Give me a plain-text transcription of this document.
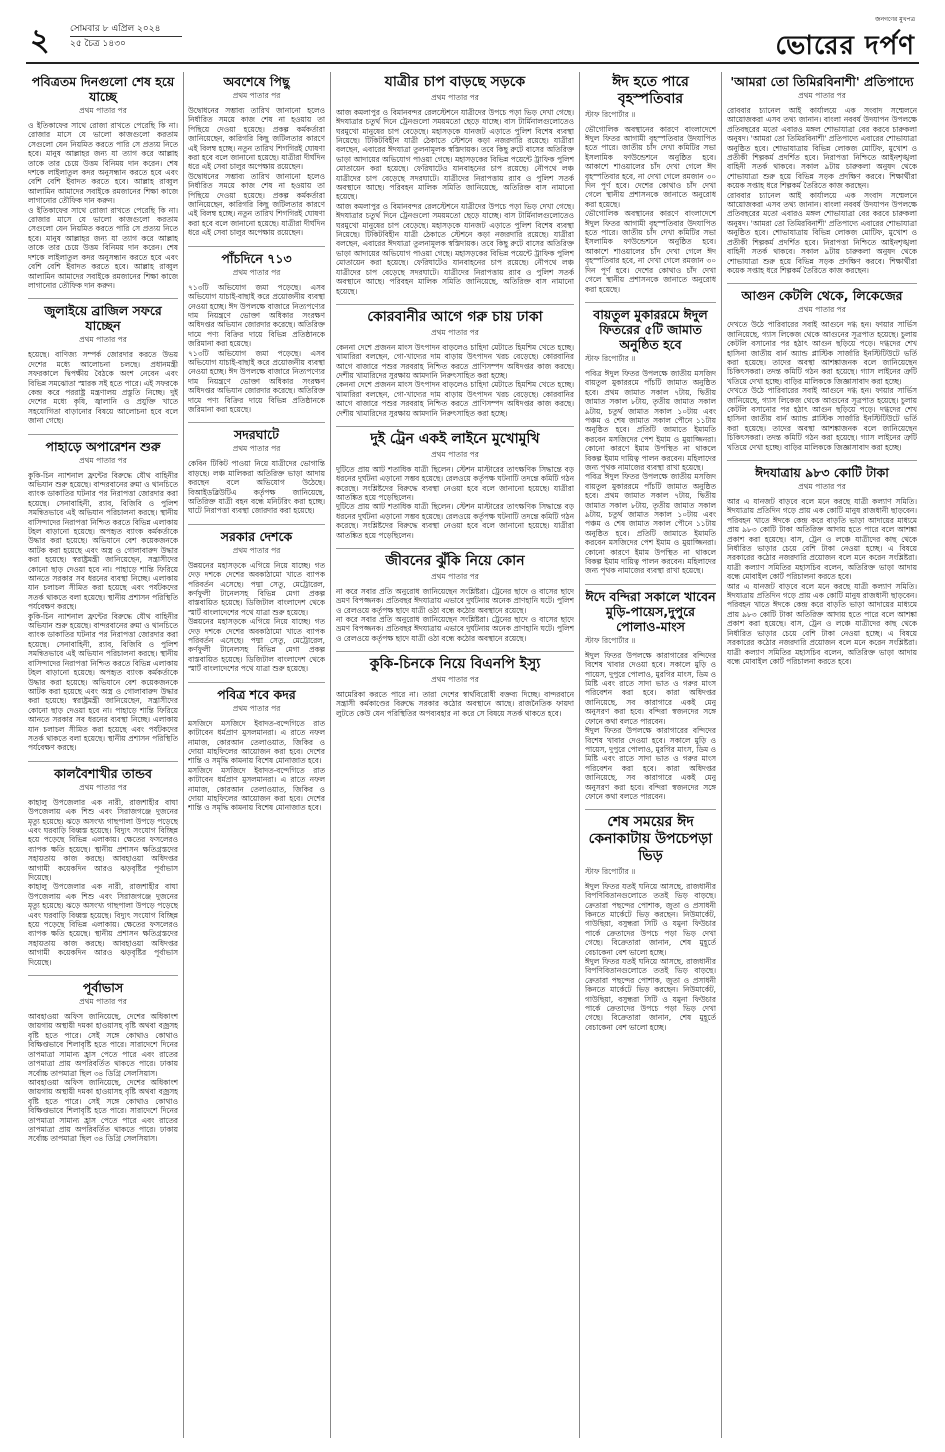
২ সোমবার ৮ এপ্রিল ২০২৪
২৫ চৈত্র ১৪৩০
জনগণের মুখপত্র
ভোরের দর্পণ
পবিত্রতম দিনগুলো শেষ হয়ে যাচ্ছে
প্রথম পাতার পর
ও ইতিকাফের সাথে রোজা রাখতে পেরেছি কি না। রোজার মাসে যে ভালো কাজগুলো করতাম সেগুলো যেন নিয়মিত করতে পারি সে প্রত্যয় নিতে হবে। মানুষ আল্লাহর জন্য যা ত্যাগ করে আল্লাহ তাকে তার চেয়ে উত্তম বিনিময় দান করেন। শেষ দশকে লাইলাতুল কদর অনুসন্ধান করতে হবে এবং বেশি বেশি ইবাদত করতে হবে। আল্লাহ রাব্বুল আলামিন আমাদের সবাইকে রমজানের শিক্ষা কাজে লাগানোর তৌফিক দান করুন।
ও ইতিকাফের সাথে রোজা রাখতে পেরেছি কি না। রোজার মাসে যে ভালো কাজগুলো করতাম সেগুলো যেন নিয়মিত করতে পারি সে প্রত্যয় নিতে হবে। মানুষ আল্লাহর জন্য যা ত্যাগ করে আল্লাহ তাকে তার চেয়ে উত্তম বিনিময় দান করেন। শেষ দশকে লাইলাতুল কদর অনুসন্ধান করতে হবে এবং বেশি বেশি ইবাদত করতে হবে। আল্লাহ রাব্বুল আলামিন আমাদের সবাইকে রমজানের শিক্ষা কাজে লাগানোর তৌফিক দান করুন।
জুলাইয়ে ব্রাজিল সফরে যাচ্ছেন
প্রথম পাতার পর
হয়েছে। বাণিজ্য সম্পর্ক জোরদার করতে উভয় দেশের মধ্যে আলোচনা চলছে। প্রধানমন্ত্রী সফরকালে দ্বিপক্ষীয় বৈঠকে অংশ নেবেন এবং বিভিন্ন সমঝোতা স্মারক সই হতে পারে। এই সফরকে কেন্দ্র করে পররাষ্ট্র মন্ত্রণালয় প্রস্তুতি নিচ্ছে। দুই দেশের মধ্যে কৃষি, জ্বালানি ও প্রযুক্তি খাতে সহযোগিতা বাড়ানোর বিষয়ে আলোচনা হবে বলে জানা গেছে।
পাহাড়ে অপারেশন শুরু
প্রথম পাতার পর
কুকি-চিন ন্যাশনাল ফ্রন্টের বিরুদ্ধে যৌথ বাহিনীর অভিযান শুরু হয়েছে। বান্দরবানের রুমা ও থানচিতে ব্যাংক ডাকাতির ঘটনার পর নিরাপত্তা জোরদার করা হয়েছে। সেনাবাহিনী, র‍্যাব, বিজিবি ও পুলিশ সমন্বিতভাবে এই অভিযান পরিচালনা করছে। স্থানীয় বাসিন্দাদের নিরাপত্তা নিশ্চিত করতে বিভিন্ন এলাকায় টহল বাড়ানো হয়েছে। অপহৃত ব্যাংক কর্মকর্তাকে উদ্ধার করা হয়েছে। অভিযানে বেশ কয়েকজনকে আটক করা হয়েছে এবং অস্ত্র ও গোলাবারুদ উদ্ধার করা হয়েছে। স্বরাষ্ট্রমন্ত্রী জানিয়েছেন, সন্ত্রাসীদের কোনো ছাড় দেওয়া হবে না। পাহাড়ে শান্তি ফিরিয়ে আনতে সরকার সব ধরনের ব্যবস্থা নিচ্ছে। এলাকায় যান চলাচল সীমিত করা হয়েছে এবং পর্যটকদের সতর্ক থাকতে বলা হয়েছে। স্থানীয় প্রশাসন পরিস্থিতি পর্যবেক্ষণ করছে।
কুকি-চিন ন্যাশনাল ফ্রন্টের বিরুদ্ধে যৌথ বাহিনীর অভিযান শুরু হয়েছে। বান্দরবানের রুমা ও থানচিতে ব্যাংক ডাকাতির ঘটনার পর নিরাপত্তা জোরদার করা হয়েছে। সেনাবাহিনী, র‍্যাব, বিজিবি ও পুলিশ সমন্বিতভাবে এই অভিযান পরিচালনা করছে। স্থানীয় বাসিন্দাদের নিরাপত্তা নিশ্চিত করতে বিভিন্ন এলাকায় টহল বাড়ানো হয়েছে। অপহৃত ব্যাংক কর্মকর্তাকে উদ্ধার করা হয়েছে। অভিযানে বেশ কয়েকজনকে আটক করা হয়েছে এবং অস্ত্র ও গোলাবারুদ উদ্ধার করা হয়েছে। স্বরাষ্ট্রমন্ত্রী জানিয়েছেন, সন্ত্রাসীদের কোনো ছাড় দেওয়া হবে না। পাহাড়ে শান্তি ফিরিয়ে আনতে সরকার সব ধরনের ব্যবস্থা নিচ্ছে। এলাকায় যান চলাচল সীমিত করা হয়েছে এবং পর্যটকদের সতর্ক থাকতে বলা হয়েছে। স্থানীয় প্রশাসন পরিস্থিতি পর্যবেক্ষণ করছে।
কালবৈশাখীর তান্ডব
প্রথম পাতার পর
কাহালু উপজেলার এক নারী, রাজশাহীর বাঘা উপজেলায় এক শিশু এবং সিরাজগঞ্জে দুজনের মৃত্যু হয়েছে। ঝড়ে অসংখ্য গাছপালা উপড়ে পড়েছে এবং ঘরবাড়ি বিধ্বস্ত হয়েছে। বিদ্যুৎ সংযোগ বিচ্ছিন্ন হয়ে পড়েছে বিভিন্ন এলাকায়। ক্ষেতের ফসলেরও ব্যাপক ক্ষতি হয়েছে। স্থানীয় প্রশাসন ক্ষতিগ্রস্তদের সহায়তায় কাজ করছে। আবহাওয়া অধিদপ্তর আগামী কয়েকদিন আরও ঝড়বৃষ্টির পূর্বাভাস দিয়েছে।
কাহালু উপজেলার এক নারী, রাজশাহীর বাঘা উপজেলায় এক শিশু এবং সিরাজগঞ্জে দুজনের মৃত্যু হয়েছে। ঝড়ে অসংখ্য গাছপালা উপড়ে পড়েছে এবং ঘরবাড়ি বিধ্বস্ত হয়েছে। বিদ্যুৎ সংযোগ বিচ্ছিন্ন হয়ে পড়েছে বিভিন্ন এলাকায়। ক্ষেতের ফসলেরও ব্যাপক ক্ষতি হয়েছে। স্থানীয় প্রশাসন ক্ষতিগ্রস্তদের সহায়তায় কাজ করছে। আবহাওয়া অধিদপ্তর আগামী কয়েকদিন আরও ঝড়বৃষ্টির পূর্বাভাস দিয়েছে।
পূর্বাভাস
প্রথম পাতার পর
আবহাওয়া অফিস জানিয়েছে, দেশের অধিকাংশ জায়গায় অস্থায়ী দমকা হাওয়াসহ বৃষ্টি অথবা বজ্রসহ বৃষ্টি হতে পারে। সেই সঙ্গে কোথাও কোথাও বিক্ষিপ্তভাবে শিলাবৃষ্টি হতে পারে। সারাদেশে দিনের তাপমাত্রা সামান্য হ্রাস পেতে পারে এবং রাতের তাপমাত্রা প্রায় অপরিবর্তিত থাকতে পারে। ঢাকায় সর্বোচ্চ তাপমাত্রা ছিল ৩৪ ডিগ্রি সেলসিয়াস।
আবহাওয়া অফিস জানিয়েছে, দেশের অধিকাংশ জায়গায় অস্থায়ী দমকা হাওয়াসহ বৃষ্টি অথবা বজ্রসহ বৃষ্টি হতে পারে। সেই সঙ্গে কোথাও কোথাও বিক্ষিপ্তভাবে শিলাবৃষ্টি হতে পারে। সারাদেশে দিনের তাপমাত্রা সামান্য হ্রাস পেতে পারে এবং রাতের তাপমাত্রা প্রায় অপরিবর্তিত থাকতে পারে। ঢাকায় সর্বোচ্চ তাপমাত্রা ছিল ৩৪ ডিগ্রি সেলসিয়াস।
অবশেষে পিছু
প্রথম পাতার পর
উদ্বোধনের সম্ভাব্য তারিখ জানানো হলেও নির্ধারিত সময়ে কাজ শেষ না হওয়ায় তা পিছিয়ে দেওয়া হয়েছে। প্রকল্প কর্মকর্তারা জানিয়েছেন, কারিগরি কিছু জটিলতার কারণে এই বিলম্ব হচ্ছে। নতুন তারিখ শিগগিরই ঘোষণা করা হবে বলে জানানো হয়েছে। যাত্রীরা দীর্ঘদিন ধরে এই সেবা চালুর অপেক্ষায় রয়েছেন।
উদ্বোধনের সম্ভাব্য তারিখ জানানো হলেও নির্ধারিত সময়ে কাজ শেষ না হওয়ায় তা পিছিয়ে দেওয়া হয়েছে। প্রকল্প কর্মকর্তারা জানিয়েছেন, কারিগরি কিছু জটিলতার কারণে এই বিলম্ব হচ্ছে। নতুন তারিখ শিগগিরই ঘোষণা করা হবে বলে জানানো হয়েছে। যাত্রীরা দীর্ঘদিন ধরে এই সেবা চালুর অপেক্ষায় রয়েছেন।
পাঁচদিনে ৭১৩
প্রথম পাতার পর
৭১৩টি অভিযোগ জমা পড়েছে। এসব অভিযোগ যাচাই-বাছাই করে প্রয়োজনীয় ব্যবস্থা নেওয়া হচ্ছে। ঈদ উপলক্ষে বাজারে নিত্যপণ্যের দাম নিয়ন্ত্রণে ভোক্তা অধিকার সংরক্ষণ অধিদপ্তর অভিযান জোরদার করেছে। অতিরিক্ত দামে পণ্য বিক্রির দায়ে বিভিন্ন প্রতিষ্ঠানকে জরিমানা করা হয়েছে।
৭১৩টি অভিযোগ জমা পড়েছে। এসব অভিযোগ যাচাই-বাছাই করে প্রয়োজনীয় ব্যবস্থা নেওয়া হচ্ছে। ঈদ উপলক্ষে বাজারে নিত্যপণ্যের দাম নিয়ন্ত্রণে ভোক্তা অধিকার সংরক্ষণ অধিদপ্তর অভিযান জোরদার করেছে। অতিরিক্ত দামে পণ্য বিক্রির দায়ে বিভিন্ন প্রতিষ্ঠানকে জরিমানা করা হয়েছে।
সদরঘাটে
প্রথম পাতার পর
কেবিন টিকিট পাওয়া নিয়ে যাত্রীদের ভোগান্তি বাড়ছে। লঞ্চ মালিকরা অতিরিক্ত ভাড়া আদায় করছেন বলে অভিযোগ উঠেছে। বিআইডব্লিউটিএ কর্তৃপক্ষ জানিয়েছে, অতিরিক্ত যাত্রী বহন বন্ধে মনিটরিং করা হচ্ছে। ঘাটে নিরাপত্তা ব্যবস্থা জোরদার করা হয়েছে।
সরকার দেশকে
প্রথম পাতার পর
উন্নয়নের মহাসড়কে এগিয়ে নিয়ে যাচ্ছে। গত দেড় দশকে দেশের অবকাঠামো খাতে ব্যাপক পরিবর্তন এসেছে। পদ্মা সেতু, মেট্রোরেল, কর্ণফুলী টানেলসহ বিভিন্ন মেগা প্রকল্প বাস্তবায়িত হয়েছে। ডিজিটাল বাংলাদেশ থেকে স্মার্ট বাংলাদেশের পথে যাত্রা শুরু হয়েছে।
উন্নয়নের মহাসড়কে এগিয়ে নিয়ে যাচ্ছে। গত দেড় দশকে দেশের অবকাঠামো খাতে ব্যাপক পরিবর্তন এসেছে। পদ্মা সেতু, মেট্রোরেল, কর্ণফুলী টানেলসহ বিভিন্ন মেগা প্রকল্প বাস্তবায়িত হয়েছে। ডিজিটাল বাংলাদেশ থেকে স্মার্ট বাংলাদেশের পথে যাত্রা শুরু হয়েছে।
পবিত্র শবে কদর
প্রথম পাতার পর
মসজিদে মসজিদে ইবাদত-বন্দেগিতে রাত কাটাবেন ধর্মপ্রাণ মুসলমানরা। এ রাতে নফল নামাজ, কোরআন তেলাওয়াত, জিকির ও দোয়া মাহফিলের আয়োজন করা হবে। দেশের শান্তি ও সমৃদ্ধি কামনায় বিশেষ মোনাজাত হবে।
মসজিদে মসজিদে ইবাদত-বন্দেগিতে রাত কাটাবেন ধর্মপ্রাণ মুসলমানরা। এ রাতে নফল নামাজ, কোরআন তেলাওয়াত, জিকির ও দোয়া মাহফিলের আয়োজন করা হবে। দেশের শান্তি ও সমৃদ্ধি কামনায় বিশেষ মোনাজাত হবে।
যাত্রীর চাপ বাড়ছে সড়কে
প্রথম পাতার পর
আজ কমলাপুর ও বিমানবন্দর রেলস্টেশনে যাত্রীদের উপচে পড়া ভিড় দেখা গেছে। ঈদযাত্রার চতুর্থ দিনে ট্রেনগুলো সময়মতো ছেড়ে যাচ্ছে। বাস টার্মিনালগুলোতেও ঘরমুখো মানুষের চাপ বেড়েছে। মহাসড়কে যানজট এড়াতে পুলিশ বিশেষ ব্যবস্থা নিয়েছে। টিকিটবিহীন যাত্রী ঠেকাতে স্টেশনে কড়া নজরদারি রয়েছে। যাত্রীরা বলছেন, এবারের ঈদযাত্রা তুলনামূলক স্বস্তিদায়ক। তবে কিছু রুটে বাসের অতিরিক্ত ভাড়া আদায়ের অভিযোগ পাওয়া গেছে। মহাসড়কের বিভিন্ন পয়েন্টে ট্রাফিক পুলিশ মোতায়েন করা হয়েছে। ফেরিঘাটেও যানবাহনের চাপ রয়েছে। নৌপথে লঞ্চ যাত্রীদের চাপ বেড়েছে সদরঘাটে। যাত্রীদের নিরাপত্তায় র‍্যাব ও পুলিশ সতর্ক অবস্থানে আছে। পরিবহন মালিক সমিতি জানিয়েছে, অতিরিক্ত বাস নামানো হয়েছে।
আজ কমলাপুর ও বিমানবন্দর রেলস্টেশনে যাত্রীদের উপচে পড়া ভিড় দেখা গেছে। ঈদযাত্রার চতুর্থ দিনে ট্রেনগুলো সময়মতো ছেড়ে যাচ্ছে। বাস টার্মিনালগুলোতেও ঘরমুখো মানুষের চাপ বেড়েছে। মহাসড়কে যানজট এড়াতে পুলিশ বিশেষ ব্যবস্থা নিয়েছে। টিকিটবিহীন যাত্রী ঠেকাতে স্টেশনে কড়া নজরদারি রয়েছে। যাত্রীরা বলছেন, এবারের ঈদযাত্রা তুলনামূলক স্বস্তিদায়ক। তবে কিছু রুটে বাসের অতিরিক্ত ভাড়া আদায়ের অভিযোগ পাওয়া গেছে। মহাসড়কের বিভিন্ন পয়েন্টে ট্রাফিক পুলিশ মোতায়েন করা হয়েছে। ফেরিঘাটেও যানবাহনের চাপ রয়েছে। নৌপথে লঞ্চ যাত্রীদের চাপ বেড়েছে সদরঘাটে। যাত্রীদের নিরাপত্তায় র‍্যাব ও পুলিশ সতর্ক অবস্থানে আছে। পরিবহন মালিক সমিতি জানিয়েছে, অতিরিক্ত বাস নামানো হয়েছে।
কোরবানীর আগে গরু চায় ঢাকা
প্রথম পাতার পর
কেননা দেশে প্রজনন মাংস উৎপাদন বাড়লেও চাহিদা মেটাতে হিমশিম খেতে হচ্ছে। খামারিরা বলছেন, গো-খাদ্যের দাম বাড়ায় উৎপাদন খরচ বেড়েছে। কোরবানির আগে বাজারে পশুর সরবরাহ নিশ্চিত করতে প্রাণিসম্পদ অধিদপ্তর কাজ করছে। দেশীয় খামারিদের সুরক্ষায় আমদানি নিরুৎসাহিত করা হচ্ছে।
কেননা দেশে প্রজনন মাংস উৎপাদন বাড়লেও চাহিদা মেটাতে হিমশিম খেতে হচ্ছে। খামারিরা বলছেন, গো-খাদ্যের দাম বাড়ায় উৎপাদন খরচ বেড়েছে। কোরবানির আগে বাজারে পশুর সরবরাহ নিশ্চিত করতে প্রাণিসম্পদ অধিদপ্তর কাজ করছে। দেশীয় খামারিদের সুরক্ষায় আমদানি নিরুৎসাহিত করা হচ্ছে।
দুই ট্রেন একই লাইনে মুখোমুখি
প্রথম পাতার পর
দুটিতে প্রায় আট শতাধিক যাত্রী ছিলেন। স্টেশন মাস্টারের তাৎক্ষণিক সিদ্ধান্তে বড় ধরনের দুর্ঘটনা এড়ানো সম্ভব হয়েছে। রেলওয়ে কর্তৃপক্ষ ঘটনাটি তদন্তে কমিটি গঠন করেছে। সংশ্লিষ্টদের বিরুদ্ধে ব্যবস্থা নেওয়া হবে বলে জানানো হয়েছে। যাত্রীরা আতঙ্কিত হয়ে পড়েছিলেন।
দুটিতে প্রায় আট শতাধিক যাত্রী ছিলেন। স্টেশন মাস্টারের তাৎক্ষণিক সিদ্ধান্তে বড় ধরনের দুর্ঘটনা এড়ানো সম্ভব হয়েছে। রেলওয়ে কর্তৃপক্ষ ঘটনাটি তদন্তে কমিটি গঠন করেছে। সংশ্লিষ্টদের বিরুদ্ধে ব্যবস্থা নেওয়া হবে বলে জানানো হয়েছে। যাত্রীরা আতঙ্কিত হয়ে পড়েছিলেন।
জীবনের ঝুঁকি নিয়ে কোন
প্রথম পাতার পর
না করে সবার প্রতি অনুরোধ জানিয়েছেন সংশ্লিষ্টরা। ট্রেনের ছাদে ও বাসের ছাদে ভ্রমণ বিপজ্জনক। প্রতিবছর ঈদযাত্রায় এভাবে দুর্ঘটনায় অনেক প্রাণহানি ঘটে। পুলিশ ও রেলওয়ে কর্তৃপক্ষ ছাদে যাত্রী ওঠা বন্ধে কঠোর অবস্থানে রয়েছে।
না করে সবার প্রতি অনুরোধ জানিয়েছেন সংশ্লিষ্টরা। ট্রেনের ছাদে ও বাসের ছাদে ভ্রমণ বিপজ্জনক। প্রতিবছর ঈদযাত্রায় এভাবে দুর্ঘটনায় অনেক প্রাণহানি ঘটে। পুলিশ ও রেলওয়ে কর্তৃপক্ষ ছাদে যাত্রী ওঠা বন্ধে কঠোর অবস্থানে রয়েছে।
কুকি-চিনকে নিয়ে বিএনপি ইস্যু
প্রথম পাতার পর
আমেরিকা করতে পারে না। তারা দেশের স্বার্থবিরোধী বক্তব্য দিচ্ছে। বান্দরবানে সন্ত্রাসী কর্মকাণ্ডের বিরুদ্ধে সরকার কঠোর অবস্থানে আছে। রাজনৈতিক ফায়দা লুটতে কেউ যেন পরিস্থিতির অপব্যবহার না করে সে বিষয়ে সতর্ক থাকতে হবে।
ঈদ হতে পারে বৃহস্পতিবার
স্টাফ রিপোর্টার ॥
ভৌগোলিক অবস্থানের কারণে বাংলাদেশে ঈদুল ফিতর আগামী বৃহস্পতিবার উদযাপিত হতে পারে। জাতীয় চাঁদ দেখা কমিটির সভা ইসলামিক ফাউন্ডেশনে অনুষ্ঠিত হবে। আকাশে শাওয়ালের চাঁদ দেখা গেলে ঈদ বৃহস্পতিবার হবে, না দেখা গেলে রমজান ৩০ দিন পূর্ণ হবে। দেশের কোথাও চাঁদ দেখা গেলে স্থানীয় প্রশাসনকে জানাতে অনুরোধ করা হয়েছে।
ভৌগোলিক অবস্থানের কারণে বাংলাদেশে ঈদুল ফিতর আগামী বৃহস্পতিবার উদযাপিত হতে পারে। জাতীয় চাঁদ দেখা কমিটির সভা ইসলামিক ফাউন্ডেশনে অনুষ্ঠিত হবে। আকাশে শাওয়ালের চাঁদ দেখা গেলে ঈদ বৃহস্পতিবার হবে, না দেখা গেলে রমজান ৩০ দিন পূর্ণ হবে। দেশের কোথাও চাঁদ দেখা গেলে স্থানীয় প্রশাসনকে জানাতে অনুরোধ করা হয়েছে।
বায়তুল মুকাররমে ঈদুল ফিতরের ৫টি জামাত অনুষ্ঠিত হবে
স্টাফ রিপোর্টার ॥
পবিত্র ঈদুল ফিতর উপলক্ষে জাতীয় মসজিদ বায়তুল মুকাররমে পাঁচটি জামাত অনুষ্ঠিত হবে। প্রথম জামাত সকাল ৭টায়, দ্বিতীয় জামাত সকাল ৮টায়, তৃতীয় জামাত সকাল ৯টায়, চতুর্থ জামাত সকাল ১০টায় এবং পঞ্চম ও শেষ জামাত সকাল পৌনে ১১টায় অনুষ্ঠিত হবে। প্রতিটি জামাতে ইমামতি করবেন মসজিদের পেশ ইমাম ও মুয়াজ্জিনরা। কোনো কারণে ইমাম উপস্থিত না থাকলে বিকল্প ইমাম দায়িত্ব পালন করবেন। মহিলাদের জন্য পৃথক নামাজের ব্যবস্থা রাখা হয়েছে।
পবিত্র ঈদুল ফিতর উপলক্ষে জাতীয় মসজিদ বায়তুল মুকাররমে পাঁচটি জামাত অনুষ্ঠিত হবে। প্রথম জামাত সকাল ৭টায়, দ্বিতীয় জামাত সকাল ৮টায়, তৃতীয় জামাত সকাল ৯টায়, চতুর্থ জামাত সকাল ১০টায় এবং পঞ্চম ও শেষ জামাত সকাল পৌনে ১১টায় অনুষ্ঠিত হবে। প্রতিটি জামাতে ইমামতি করবেন মসজিদের পেশ ইমাম ও মুয়াজ্জিনরা। কোনো কারণে ইমাম উপস্থিত না থাকলে বিকল্প ইমাম দায়িত্ব পালন করবেন। মহিলাদের জন্য পৃথক নামাজের ব্যবস্থা রাখা হয়েছে।
ঈদে বন্দিরা সকালে খাবেন মুড়ি-পায়েস,দুপুরে পোলাও-মাংস
স্টাফ রিপোর্টার ॥
ঈদুল ফিতর উপলক্ষে কারাগারের বন্দিদের বিশেষ খাবার দেওয়া হবে। সকালে মুড়ি ও পায়েস, দুপুরে পোলাও, মুরগির মাংস, ডিম ও মিষ্টি এবং রাতে সাদা ভাত ও গরুর মাংস পরিবেশন করা হবে। কারা অধিদপ্তর জানিয়েছে, সব কারাগারে একই মেনু অনুসরণ করা হবে। বন্দিরা স্বজনদের সঙ্গে ফোনে কথা বলতে পারবেন।
ঈদুল ফিতর উপলক্ষে কারাগারের বন্দিদের বিশেষ খাবার দেওয়া হবে। সকালে মুড়ি ও পায়েস, দুপুরে পোলাও, মুরগির মাংস, ডিম ও মিষ্টি এবং রাতে সাদা ভাত ও গরুর মাংস পরিবেশন করা হবে। কারা অধিদপ্তর জানিয়েছে, সব কারাগারে একই মেনু অনুসরণ করা হবে। বন্দিরা স্বজনদের সঙ্গে ফোনে কথা বলতে পারবেন।
শেষ সময়ের ঈদ কেনাকাটায় উপচেপড়া ভিড়
স্টাফ রিপোর্টার ॥
ঈদুল ফিতর যতই ঘনিয়ে আসছে, রাজধানীর বিপণিবিতানগুলোতে ততই ভিড় বাড়ছে। ক্রেতারা পছন্দের পোশাক, জুতা ও প্রসাধনী কিনতে মার্কেটে ভিড় করছেন। নিউমার্কেট, গাউছিয়া, বসুন্ধরা সিটি ও যমুনা ফিউচার পার্কে ক্রেতাদের উপচে পড়া ভিড় দেখা গেছে। বিক্রেতারা জানান, শেষ মুহূর্তে বেচাকেনা বেশ ভালো হচ্ছে।
ঈদুল ফিতর যতই ঘনিয়ে আসছে, রাজধানীর বিপণিবিতানগুলোতে ততই ভিড় বাড়ছে। ক্রেতারা পছন্দের পোশাক, জুতা ও প্রসাধনী কিনতে মার্কেটে ভিড় করছেন। নিউমার্কেট, গাউছিয়া, বসুন্ধরা সিটি ও যমুনা ফিউচার পার্কে ক্রেতাদের উপচে পড়া ভিড় দেখা গেছে। বিক্রেতারা জানান, শেষ মুহূর্তে বেচাকেনা বেশ ভালো হচ্ছে।
'আমরা তো তিমিরবিনাশী' প্রতিপাদ্যে
প্রথম পাতার পর
রোববার চ্যানেল আই কার্যালয়ে এক সংবাদ সম্মেলনে আয়োজকরা এসব তথ্য জানান। বাংলা নববর্ষ উদযাপন উপলক্ষে প্রতিবছরের মতো এবারও মঙ্গল শোভাযাত্রা বের করবে চারুকলা অনুষদ। 'আমরা তো তিমিরবিনাশী' প্রতিপাদ্যে এবারের শোভাযাত্রা অনুষ্ঠিত হবে। শোভাযাত্রায় বিভিন্ন লোকজ মোটিফ, মুখোশ ও প্রতীকী শিল্পকর্ম প্রদর্শিত হবে। নিরাপত্তা নিশ্চিতে আইনশৃঙ্খলা বাহিনী সতর্ক থাকবে। সকাল ৯টায় চারুকলা অনুষদ থেকে শোভাযাত্রা শুরু হয়ে বিভিন্ন সড়ক প্রদক্ষিণ করবে। শিক্ষার্থীরা কয়েক সপ্তাহ ধরে শিল্পকর্ম তৈরিতে কাজ করছেন।
রোববার চ্যানেল আই কার্যালয়ে এক সংবাদ সম্মেলনে আয়োজকরা এসব তথ্য জানান। বাংলা নববর্ষ উদযাপন উপলক্ষে প্রতিবছরের মতো এবারও মঙ্গল শোভাযাত্রা বের করবে চারুকলা অনুষদ। 'আমরা তো তিমিরবিনাশী' প্রতিপাদ্যে এবারের শোভাযাত্রা অনুষ্ঠিত হবে। শোভাযাত্রায় বিভিন্ন লোকজ মোটিফ, মুখোশ ও প্রতীকী শিল্পকর্ম প্রদর্শিত হবে। নিরাপত্তা নিশ্চিতে আইনশৃঙ্খলা বাহিনী সতর্ক থাকবে। সকাল ৯টায় চারুকলা অনুষদ থেকে শোভাযাত্রা শুরু হয়ে বিভিন্ন সড়ক প্রদক্ষিণ করবে। শিক্ষার্থীরা কয়েক সপ্তাহ ধরে শিল্পকর্ম তৈরিতে কাজ করছেন।
আগুন কেটলি থেকে, লিকেজের
প্রথম পাতার পর
দেখতে উঠে পারিবারের সবাই আগুনে দগ্ধ হন। ফায়ার সার্ভিস জানিয়েছে, গ্যাস লিকেজ থেকে আগুনের সূত্রপাত হয়েছে। চুলায় কেটলি বসানোর পর হঠাৎ আগুন ছড়িয়ে পড়ে। দগ্ধদের শেখ হাসিনা জাতীয় বার্ন অ্যান্ড প্লাস্টিক সার্জারি ইনস্টিটিউটে ভর্তি করা হয়েছে। তাদের অবস্থা আশঙ্কাজনক বলে জানিয়েছেন চিকিৎসকরা। তদন্ত কমিটি গঠন করা হয়েছে। গ্যাস লাইনের ত্রুটি খতিয়ে দেখা হচ্ছে। বাড়ির মালিককে জিজ্ঞাসাবাদ করা হচ্ছে।
দেখতে উঠে পারিবারের সবাই আগুনে দগ্ধ হন। ফায়ার সার্ভিস জানিয়েছে, গ্যাস লিকেজ থেকে আগুনের সূত্রপাত হয়েছে। চুলায় কেটলি বসানোর পর হঠাৎ আগুন ছড়িয়ে পড়ে। দগ্ধদের শেখ হাসিনা জাতীয় বার্ন অ্যান্ড প্লাস্টিক সার্জারি ইনস্টিটিউটে ভর্তি করা হয়েছে। তাদের অবস্থা আশঙ্কাজনক বলে জানিয়েছেন চিকিৎসকরা। তদন্ত কমিটি গঠন করা হয়েছে। গ্যাস লাইনের ত্রুটি খতিয়ে দেখা হচ্ছে। বাড়ির মালিককে জিজ্ঞাসাবাদ করা হচ্ছে।
ঈদযাত্রায় ৯৮৩ কোটি টাকা
প্রথম পাতার পর
আর এ যানজট বাড়বে বলে মনে করছে যাত্রী কল্যাণ সমিতি। ঈদযাত্রায় প্রতিদিন গড়ে প্রায় এক কোটি মানুষ রাজধানী ছাড়বেন। পরিবহন খাতে ঈদকে কেন্দ্র করে বাড়তি ভাড়া আদায়ের মাধ্যমে প্রায় ৯৮৩ কোটি টাকা অতিরিক্ত আদায় হতে পারে বলে আশঙ্কা প্রকাশ করা হয়েছে। বাস, ট্রেন ও লঞ্চে যাত্রীদের কাছ থেকে নির্ধারিত ভাড়ার চেয়ে বেশি টাকা নেওয়া হচ্ছে। এ বিষয়ে সরকারের কঠোর নজরদারি প্রয়োজন বলে মনে করেন সংশ্লিষ্টরা। যাত্রী কল্যাণ সমিতির মহাসচিব বলেন, অতিরিক্ত ভাড়া আদায় বন্ধে মোবাইল কোর্ট পরিচালনা করতে হবে।
আর এ যানজট বাড়বে বলে মনে করছে যাত্রী কল্যাণ সমিতি। ঈদযাত্রায় প্রতিদিন গড়ে প্রায় এক কোটি মানুষ রাজধানী ছাড়বেন। পরিবহন খাতে ঈদকে কেন্দ্র করে বাড়তি ভাড়া আদায়ের মাধ্যমে প্রায় ৯৮৩ কোটি টাকা অতিরিক্ত আদায় হতে পারে বলে আশঙ্কা প্রকাশ করা হয়েছে। বাস, ট্রেন ও লঞ্চে যাত্রীদের কাছ থেকে নির্ধারিত ভাড়ার চেয়ে বেশি টাকা নেওয়া হচ্ছে। এ বিষয়ে সরকারের কঠোর নজরদারি প্রয়োজন বলে মনে করেন সংশ্লিষ্টরা। যাত্রী কল্যাণ সমিতির মহাসচিব বলেন, অতিরিক্ত ভাড়া আদায় বন্ধে মোবাইল কোর্ট পরিচালনা করতে হবে।
